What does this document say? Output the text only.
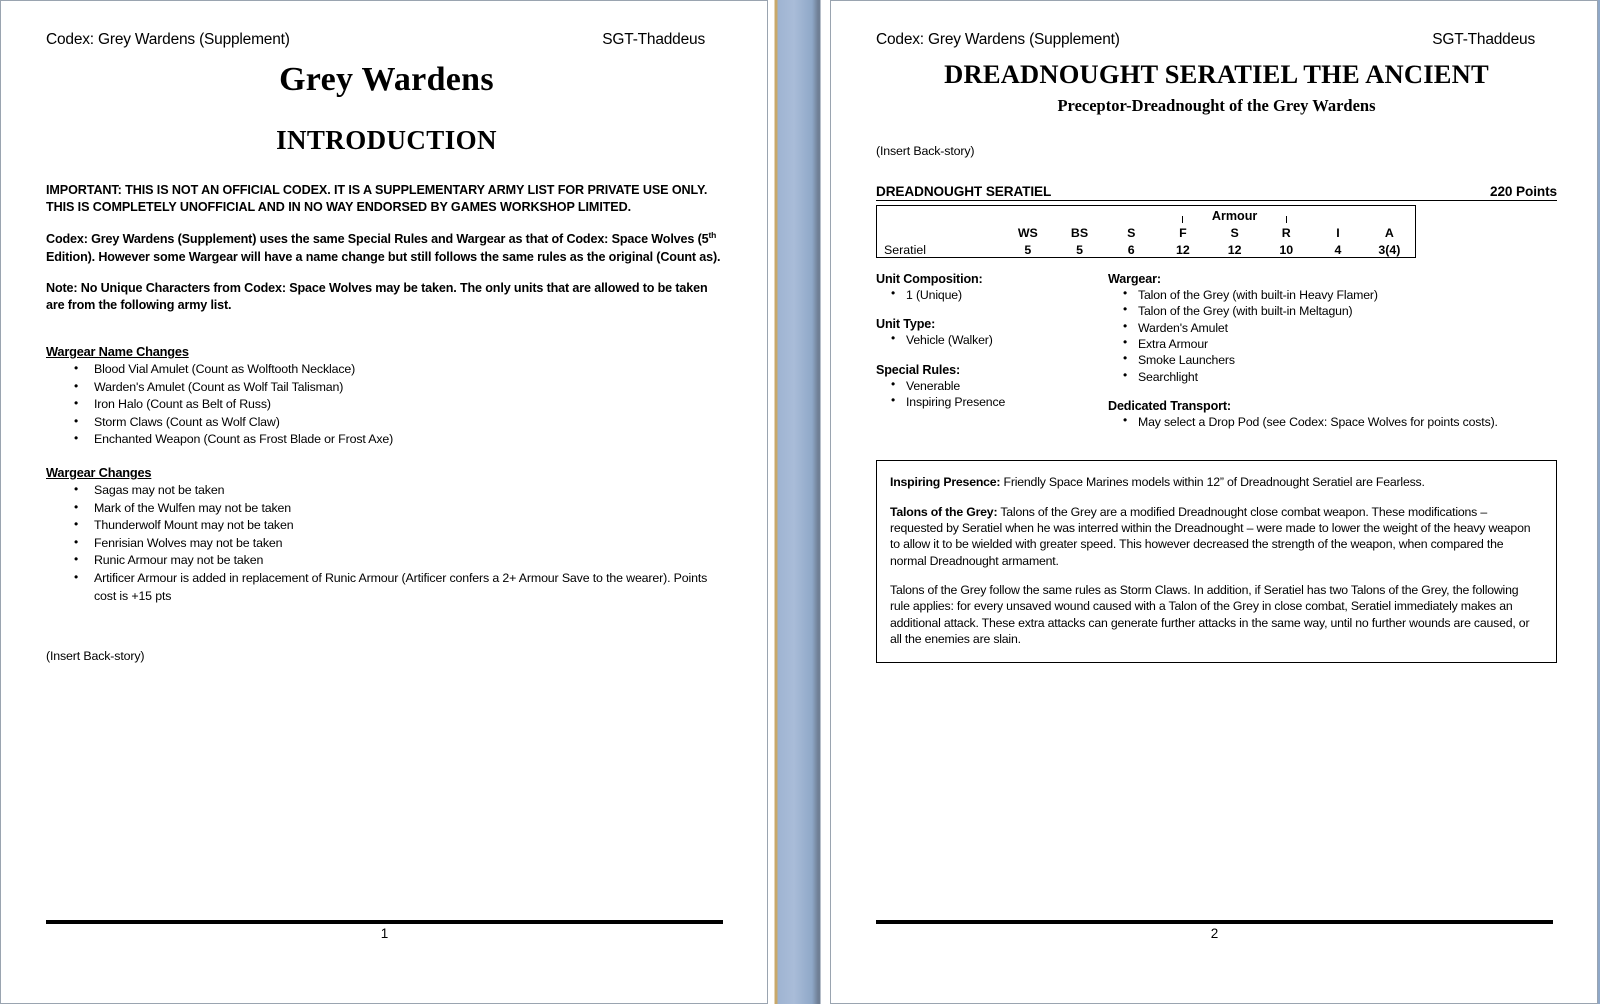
Codex: Grey Wardens (Supplement)	SGT-Thaddeus
Grey Wardens
INTRODUCTION

IMPORTANT: THIS IS NOT AN OFFICIAL CODEX. IT IS A SUPPLEMENTARY ARMY LIST FOR PRIVATE USE ONLY. THIS IS COMPLETELY UNOFFICIAL AND IN NO WAY ENDORSED BY GAMES WORKSHOP LIMITED.

Codex: Grey Wardens (Supplement) uses the same Special Rules and Wargear as that of Codex: Space Wolves (5th Edition). However some Wargear will have a name change but still follows the same rules as the original (Count as).

Note: No Unique Characters from Codex: Space Wolves may be taken. The only units that are allowed to be taken are from the following army list.

Wargear Name Changes
• Blood Vial Amulet (Count as Wolftooth Necklace)
• Warden's Amulet (Count as Wolf Tail Talisman)
• Iron Halo (Count as Belt of Russ)
• Storm Claws (Count as Wolf Claw)
• Enchanted Weapon (Count as Frost Blade or Frost Axe)
Wargear Changes
• Sagas may not be taken
• Mark of the Wulfen may not be taken
• Thunderwolf Mount may not be taken
• Fenrisian Wolves may not be taken
• Runic Armour may not be taken
• Artificer Armour is added in replacement of Runic Armour (Artificer confers a 2+ Armour Save to the wearer). Points cost is +15 pts
(Insert Back-story)
1
Codex: Grey Wardens (Supplement)	SGT-Thaddeus
DREADNOUGHT SERATIEL THE ANCIENT
Preceptor-Dreadnought of the Grey Wardens
(Insert Back-story)
DREADNOUGHT SERATIEL	220 Points

	Armour	

	WS	BS	S	F	S	R	I	A
Seratiel	5	5	6	12	12	10	4	3(4)
Unit Composition:
• 1 (Unique)
Unit Type:
• Vehicle (Walker)
Special Rules:
• Venerable
• Inspiring Presence
Wargear:
• Talon of the Grey (with built-in Heavy Flamer)
• Talon of the Grey (with built-in Meltagun)
• Warden's Amulet
• Extra Armour
• Smoke Launchers
• Searchlight
Dedicated Transport:
• May select a Drop Pod (see Codex: Space Wolves for points costs).

Inspiring Presence: Friendly Space Marines models within 12” of Dreadnought Seratiel are Fearless.

Talons of the Grey: Talons of the Grey are a modified Dreadnought close combat weapon. These modifications – requested by Seratiel when he was interred within the Dreadnought – were made to lower the weight of the heavy weapon to allow it to be wielded with greater speed. This however decreased the strength of the weapon, when compared the normal Dreadnought armament.

Talons of the Grey follow the same rules as Storm Claws. In addition, if Seratiel has two Talons of the Grey, the following rule applies: for every unsaved wound caused with a Talon of the Grey in close combat, Seratiel immediately makes an additional attack. These extra attacks can generate further attacks in the same way, until no further wounds are caused, or all the enemies are slain.

2
